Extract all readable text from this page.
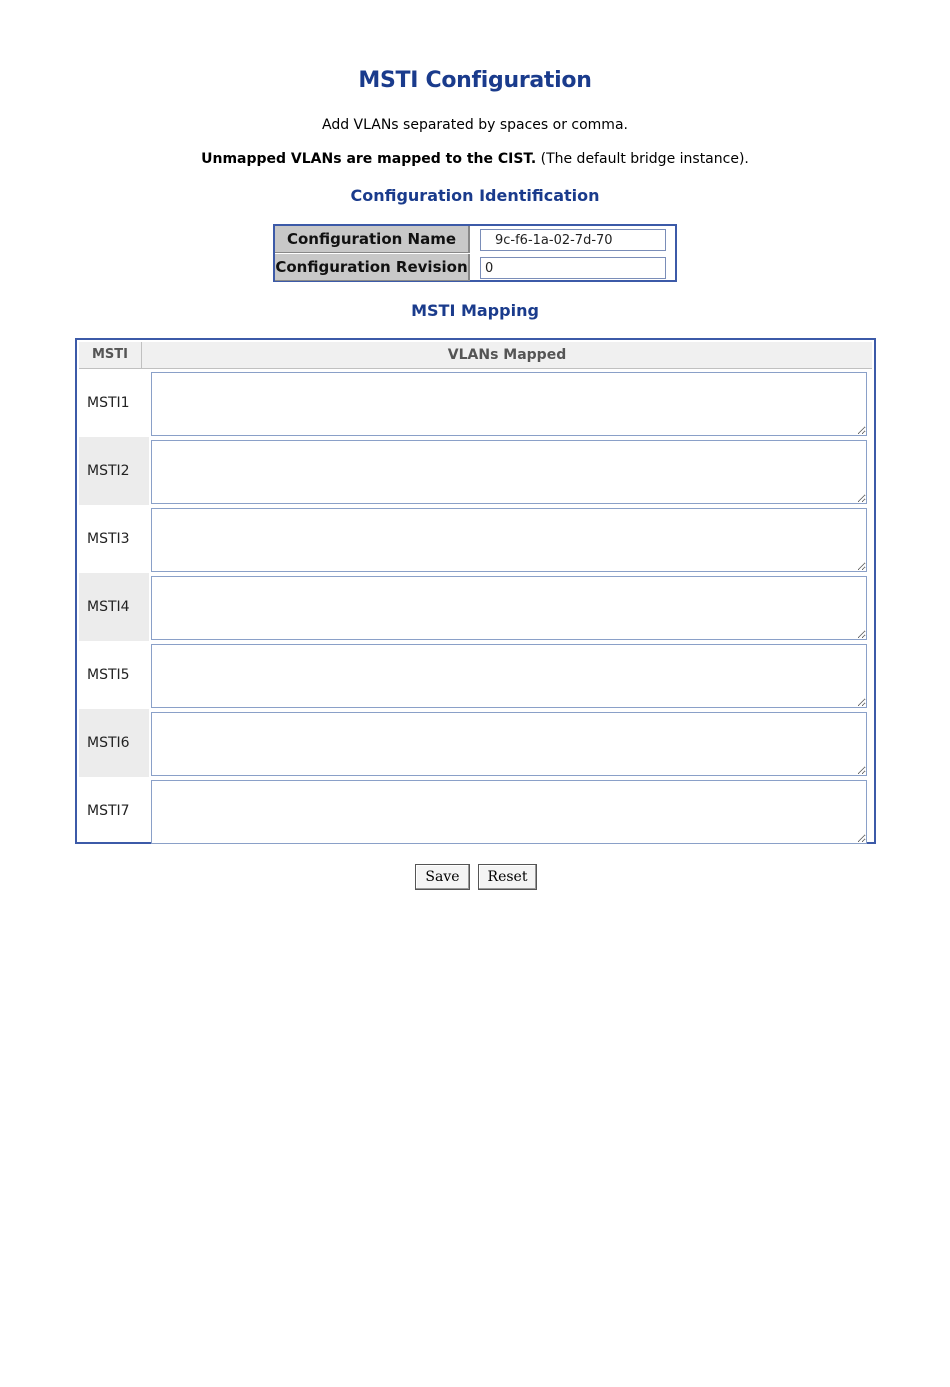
MSTI Configuration
Add VLANs separated by spaces or comma.
Unmapped VLANs are mapped to the CIST. (The default bridge instance).
Configuration Identification
Configuration Name
9c-f6-1a-02-7d-70
Configuration Revision
0
MSTI Mapping
MSTI	VLANs Mapped
MSTI1
MSTI2
MSTI3
MSTI4
MSTI5
MSTI6
MSTI7
Save	Reset
